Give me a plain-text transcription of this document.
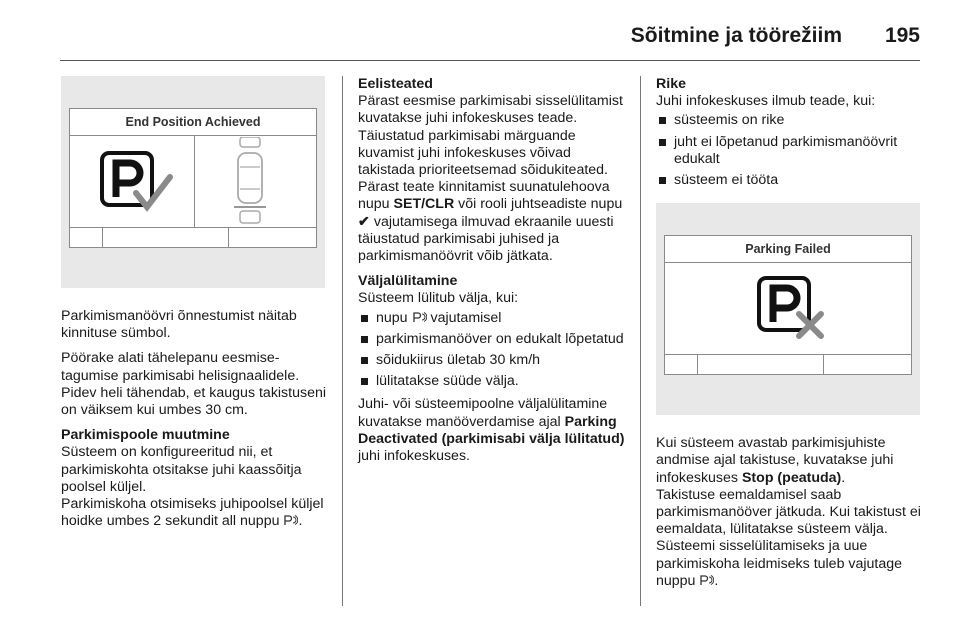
Sõitmine ja töörežiim 195
End Position Achieved

Parkimismanöövri õnnestumist näitab kinnituse sümbol.

Pöörake alati tähelepanu eesmise-tagumise parkimisabi helisignaalidele. Pidev heli tähendab, et kaugus takistuseni on väiksem kui umbes 30 cm.

Parkimispoole muutmine

Süsteem on konfigureeritud nii, et parkimiskohta otsitakse juhi kaassõitja poolsel küljel.

Parkimiskoha otsimiseks juhipoolsel küljel hoidke umbes 2 sekundit all nuppu .

Eelisteated

Pärast eesmise parkimisabi sisselülitamist kuvatakse juhi infokeskuses teade. Täiustatud parkimisabi märguande kuvamist juhi infokeskuses võivad takistada prioriteetsemad sõidukiteated. Pärast teate kinnitamist suunatulehoova nupu SET/CLR või rooli juhtseadiste nupu ✔ vajutamisega ilmuvad ekraanile uuesti täiustatud parkimisabi juhised ja parkimismanöövrit võib jätkata.

Väljalülitamine

Süsteem lülitub välja, kui:

nupu vajutamisel
parkimismanööver on edukalt lõpetatud
sõidukiirus ületab 30 km/h
lülitatakse süüde välja.

Juhi- või süsteemipoolne väljalülitamine kuvatakse manööverdamise ajal Parking Deactivated (parkimisabi välja lülitatud) juhi infokeskuses.

Rike

Juhi infokeskuses ilmub teade, kui:

süsteemis on rike
juht ei lõpetanud parkimismanöövrit edukalt
süsteem ei tööta
Parking Failed

Kui süsteem avastab parkimisjuhiste andmise ajal takistuse, kuvatakse juhi infokeskuses Stop (peatuda).

Takistuse eemaldamisel saab parkimismanööver jätkuda. Kui takistust ei eemaldata, lülitatakse süsteem välja. Süsteemi sisselülitamiseks ja uue parkimiskoha leidmiseks tuleb vajutage nuppu .
